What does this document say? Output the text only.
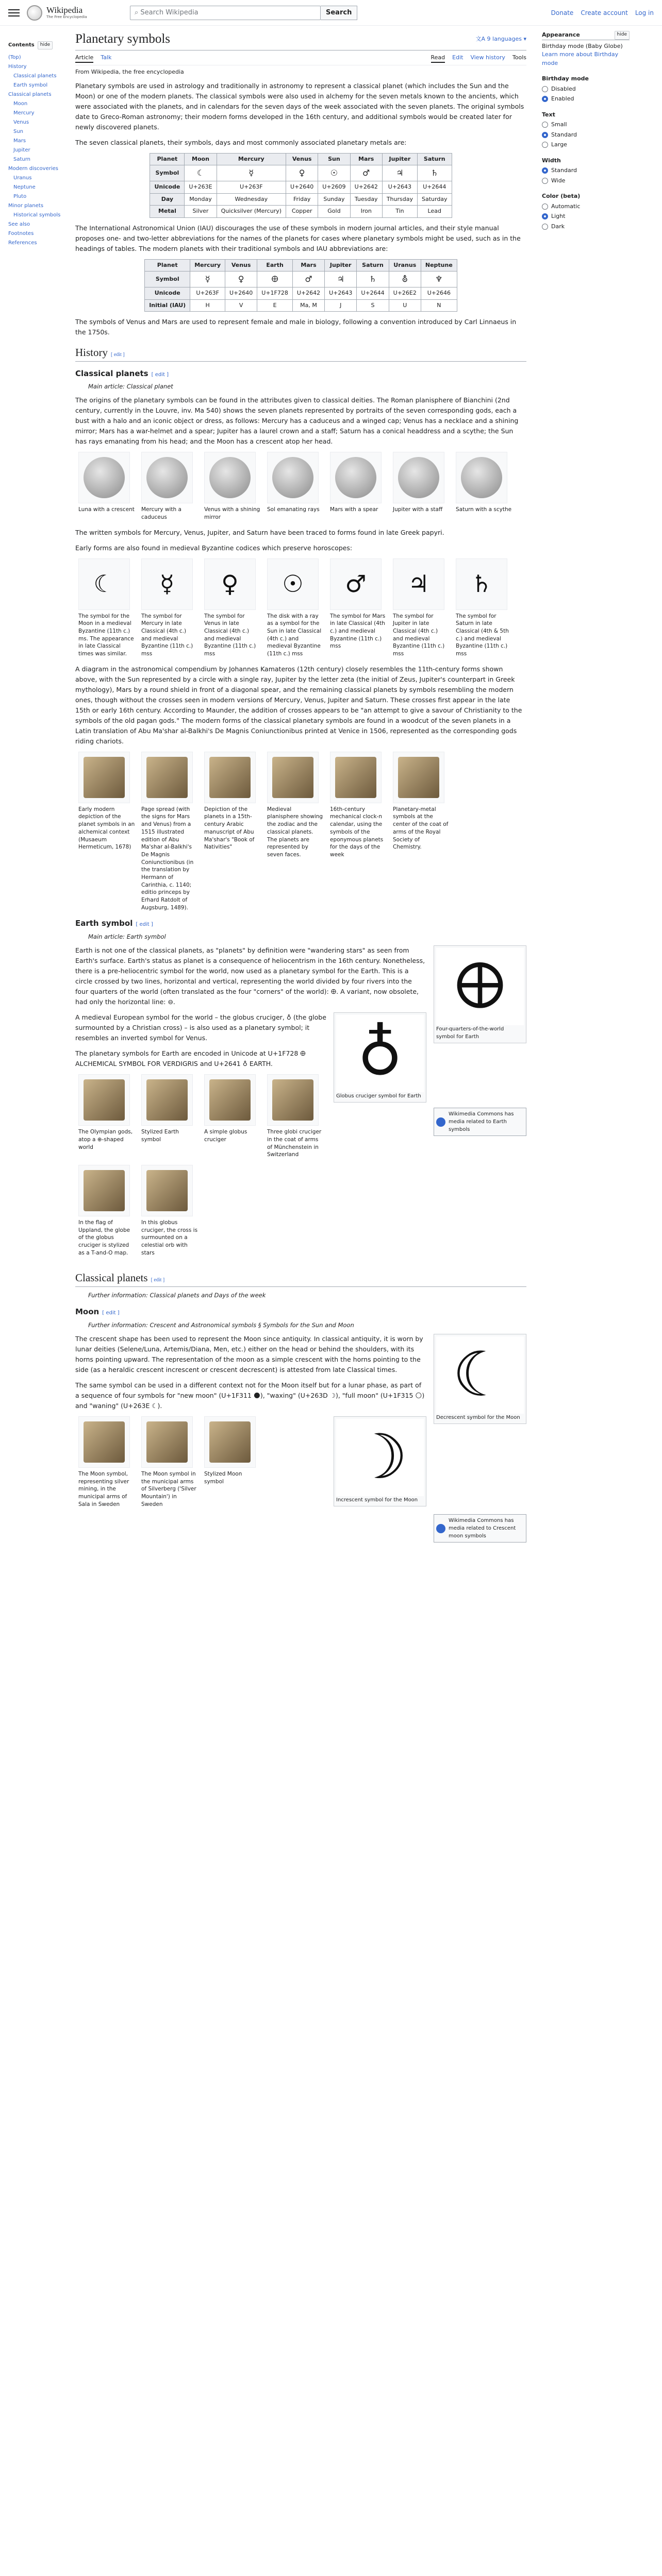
Wikipedia
The Free Encyclopedia
⌕ Search Wikipedia	Search	Donate Create account Log in
Contents	hide
(Top)
History
Classical planets
Earth symbol
Classical planets
Moon
Mercury
Venus
Sun
Mars
Jupiter
Saturn
Modern discoveries
Uranus
Neptune
Pluto
Minor planets
Historical symbols
See also
Footnotes
References
Planetary symbols	文A 9 languages ▾
Article Talk	Read Edit View history Tools
From Wikipedia, the free encyclopedia

Planetary symbols are used in astrology and traditionally in astronomy to represent a classical planet (which includes the Sun and the Moon) or one of the modern planets. The classical symbols were also used in alchemy for the seven metals known to the ancients, which were associated with the planets, and in calendars for the seven days of the week associated with the seven planets. The original symbols date to Greco-Roman astronomy; their modern forms developed in the 16th century, and additional symbols would be created later for newly discovered planets.

The seven classical planets, their symbols, days and most commonly associated planetary metals are:

Planet	Moon	Mercury	Venus	Sun	Mars	Jupiter	Saturn
Symbol	☾	☿	♀	☉	♂	♃	♄
Unicode	U+263E	U+263F	U+2640	U+2609	U+2642	U+2643	U+2644
Day	Monday	Wednesday	Friday	Sunday	Tuesday	Thursday	Saturday
Metal	Silver	Quicksilver (Mercury)	Copper	Gold	Iron	Tin	Lead

The International Astronomical Union (IAU) discourages the use of these symbols in modern journal articles, and their style manual proposes one- and two-letter abbreviations for the names of the planets for cases where planetary symbols might be used, such as in the headings of tables. The modern planets with their traditional symbols and IAU abbreviations are:

Planet	Mercury	Venus	Earth	Mars	Jupiter	Saturn	Uranus	Neptune
Symbol	☿	♀	🜨	♂	♃	♄	⛢	♆
Unicode	U+263F	U+2640	U+1F728	U+2642	U+2643	U+2644	U+26E2	U+2646
Initial (IAU)	H	V	E	Ma, M	J	S	U	N

The symbols of Venus and Mars are used to represent female and male in biology, following a convention introduced by Carl Linnaeus in the 1750s.

History [ edit ]
Classical planets [ edit ]
Main article: Classical planet

The origins of the planetary symbols can be found in the attributes given to classical deities. The Roman planisphere of Bianchini (2nd century, currently in the Louvre, inv. Ma 540) shows the seven planets represented by portraits of the seven corresponding gods, each a bust with a halo and an iconic object or dress, as follows: Mercury has a caduceus and a winged cap; Venus has a necklace and a shining mirror; Mars has a war-helmet and a spear; Jupiter has a laurel crown and a staff; Saturn has a conical headdress and a scythe; the Sun has rays emanating from his head; and the Moon has a crescent atop her head.

Luna with a crescent Mercury with a caduceus
Venus with a shining mirror
Sol emanating rays	Mars with a spear	Jupiter with a staff	Saturn with a scythe

The written symbols for Mercury, Venus, Jupiter, and Saturn have been traced to forms found in late Greek papyri.

Early forms are also found in medieval Byzantine codices which preserve horoscopes:

☾
The symbol for the Moon in a medieval Byzantine (11th c.) ms. The appearance in late Classical times was similar.
☿
The symbol for Mercury in late Classical (4th c.) and medieval Byzantine (11th c.) mss
♀
The symbol for Venus in late Classical (4th c.) and medieval Byzantine (11th c.) mss
☉
The disk with a ray as a symbol for the Sun in late Classical (4th c.) and medieval Byzantine (11th c.) mss
♂
The symbol for Mars in late Classical (4th c.) and medieval Byzantine (11th c.) mss
♃
The symbol for Jupiter in late Classical (4th c.) and medieval Byzantine (11th c.) mss
♄
The symbol for Saturn in late Classical (4th & 5th c.) and medieval Byzantine (11th c.) mss

A diagram in the astronomical compendium by Johannes Kamateros (12th century) closely resembles the 11th-century forms shown above, with the Sun represented by a circle with a single ray, Jupiter by the letter zeta (the initial of Zeus, Jupiter's counterpart in Greek mythology), Mars by a round shield in front of a diagonal spear, and the remaining classical planets by symbols resembling the modern ones, though without the crosses seen in modern versions of Mercury, Venus, Jupiter and Saturn. These crosses first appear in the late 15th or early 16th century. According to Maunder, the addition of crosses appears to be "an attempt to give a savour of Christianity to the symbols of the old pagan gods." The modern forms of the classical planetary symbols are found in a woodcut of the seven planets in a Latin translation of Abu Ma'shar al-Balkhi's De Magnis Coniunctionibus printed at Venice in 1506, represented as the corresponding gods riding chariots.

Early modern depiction of the planet symbols in an alchemical context (Musaeum Hermeticum, 1678)
Page spread (with the signs for Mars and Venus) from a 1515 illustrated edition of Abu Ma'shar al-Balkhi's De Magnis Coniunctionibus (in the translation by Hermann of Carinthia, c. 1140; editio princeps by Erhard Ratdolt of Augsburg, 1489).
Depiction of the planets in a 15th-century Arabic manuscript of Abu Ma'shar's "Book of Nativities"
Medieval planisphere showing the zodiac and the classical planets. The planets are represented by seven faces.
16th-century mechanical clock-n calendar, using the symbols of the eponymous planets for the days of the week
Planetary-metal symbols at the center of the coat of arms of the Royal Society of Chemistry.
Earth symbol [ edit ]
Main article: Earth symbol
🜨
Four-quarters-of-the-world symbol for Earth

Earth is not one of the classical planets, as "planets" by definition were "wandering stars" as seen from Earth's surface. Earth's status as planet is a consequence of heliocentrism in the 16th century. Nonetheless, there is a pre-heliocentric symbol for the world, now used as a planetary symbol for the Earth. This is a circle crossed by two lines, horizontal and vertical, representing the world divided by four rivers into the four quarters of the world (often translated as the four "corners" of the world): 🜨. A variant, now obsolete, had only the horizontal line: ⊖.

♁
Globus cruciger symbol for Earth

A medieval European symbol for the world – the globus cruciger, ♁ (the globe surmounted by a Christian cross) – is also used as a planetary symbol; it resembles an inverted symbol for Venus.

The planetary symbols for Earth are encoded in Unicode at U+1F728 🜨 ALCHEMICAL SYMBOL FOR VERDIGRIS and U+2641 ♁ EARTH.

Wikimedia Commons has media related to Earth symbols
The Olympian gods, atop a ⊕-shaped world
Stylized Earth symbol
A simple globus cruciger
Three globi cruciger in the coat of arms of Münchenstein in Switzerland
In the flag of Uppland, the globe of the globus cruciger is stylized as a T-and-O map.
In this globus cruciger, the cross is surmounted on a celestial orb with stars
Classical planets [ edit ]
Further information: Classical planets and Days of the week
Moon [ edit ]
Further information: Crescent and Astronomical symbols § Symbols for the Sun and Moon
☾
Decrescent symbol for the Moon

The crescent shape has been used to represent the Moon since antiquity. In classical antiquity, it is worn by lunar deities (Selene/Luna, Artemis/Diana, Men, etc.) either on the head or behind the shoulders, with its horns pointing upward. The representation of the moon as a simple crescent with the horns pointing to the side (as a heraldic crescent increscent or crescent decrescent) is attested from late Classical times.

The same symbol can be used in a different context not for the Moon itself but for a lunar phase, as part of a sequence of four symbols for "new moon" (U+1F311 🌑), "waxing" (U+263D ☽), "full moon" (U+1F315 🌕) and "waning" (U+263E ☾).

☽
Increscent symbol for the Moon
The Moon symbol, representing silver mining, in the municipal arms of Sala in Sweden
The Moon symbol in the municipal arms of Silverberg ('Silver Mountain') in Sweden
Stylized Moon symbol
Wikimedia Commons has media related to Crescent moon symbols
Appearance	hide
Birthday mode (Baby Globe)
Learn more about Birthday mode
Birthday mode
Disabled
Enabled
Text
Small
Standard
Large
Width
Standard
Wide
Color (beta)
Automatic
Light
Dark
